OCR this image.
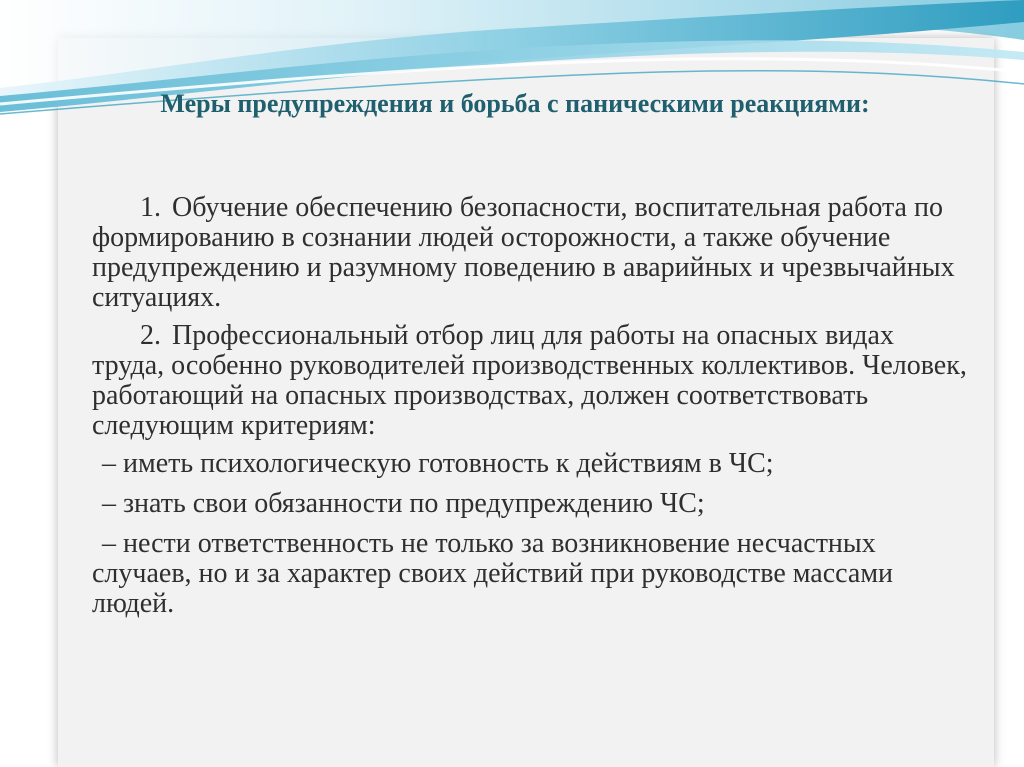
Меры предупреждения и борьба с паническими реакциями:

1. Обучение обеспечению безопасности, воспитательная работа по формированию в сознании людей осторожности, а также обучение предупреждению и разумному поведению в аварийных и чрезвычайных ситуациях.

2. Профессиональный отбор лиц для работы на опасных видах труда, особенно руководителей производственных коллективов. Человек, работающий на опасных производствах, должен соответствовать следующим критериям:

– иметь психологическую готовность к действиям в ЧС;

– знать свои обязанности по предупреждению ЧС;

– нести ответственность не только за возникновение несчастных случаев, но и за характер своих действий при руководстве массами людей.
